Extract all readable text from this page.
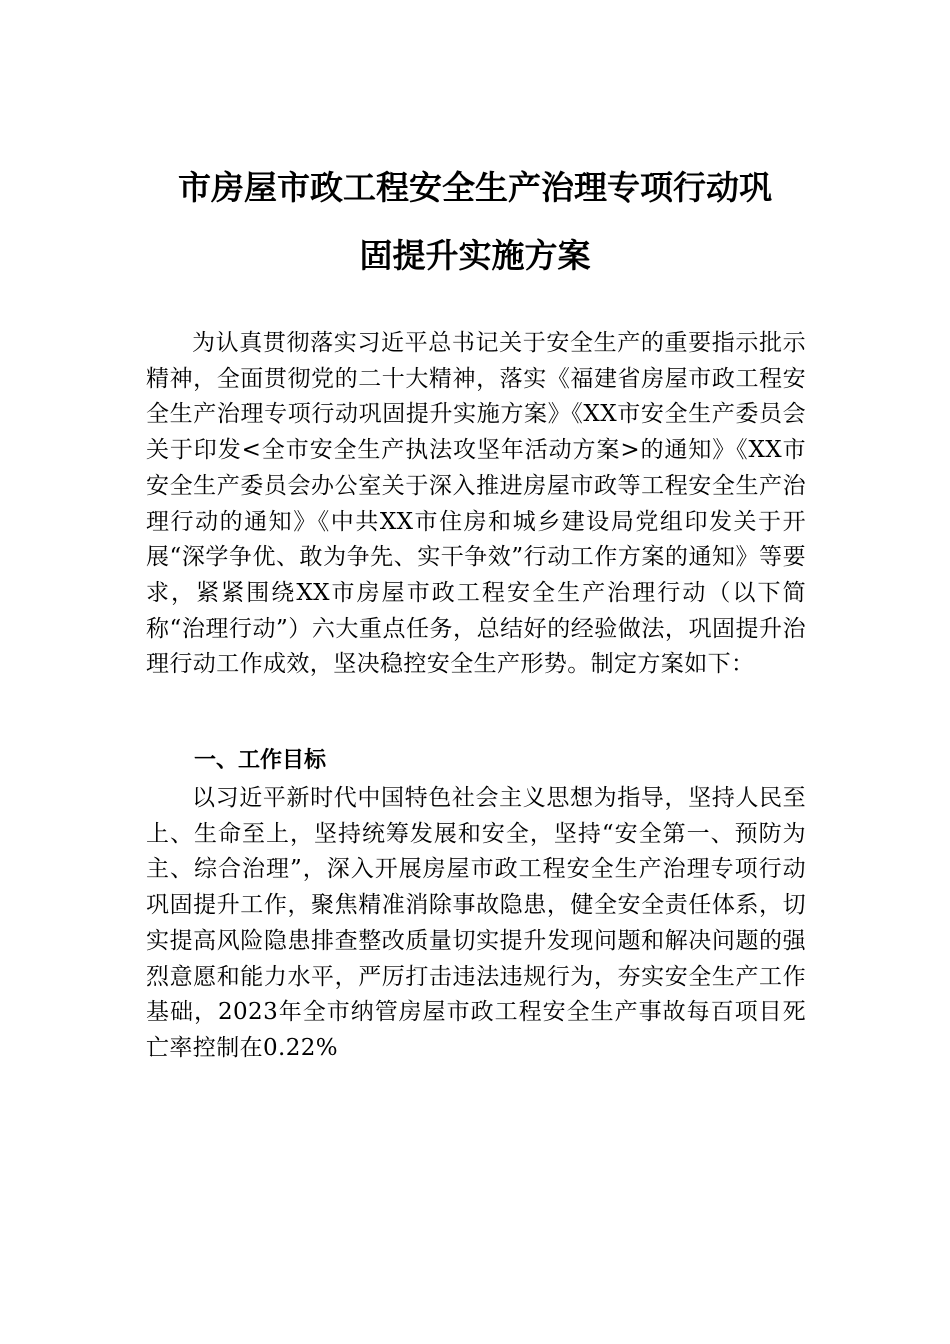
市房屋市政工程安全生产治理专项行动巩
固提升实施方案

为认真贯彻落实习近平总书记关于安全生产的重要指示批示精神，全面贯彻党的二十大精神，落实《福建省房屋市政工程安全生产治理专项行动巩固提升实施方案》《XX市安全生产委员会关于印发<全市安全生产执法攻坚年活动方案>的通知》《XX市安全生产委员会办公室关于深入推进房屋市政等工程安全生产治理行动的通知》《中共XX市住房和城乡建设局党组印发关于开展“深学争优、敢为争先、实干争效”行动工作方案的通知》等要求，紧紧围绕XX市房屋市政工程安全生产治理行动（以下简称“治理行动”）六大重点任务，总结好的经验做法，巩固提升治理行动工作成效，坚决稳控安全生产形势。制定方案如下：

一、工作目标

以习近平新时代中国特色社会主义思想为指导，坚持人民至上、生命至上，坚持统筹发展和安全，坚持“安全第一、预防为主、综合治理”，深入开展房屋市政工程安全生产治理专项行动巩固提升工作，聚焦精准消除事故隐患，健全安全责任体系，切实提高风险隐患排查整改质量切实提升发现问题和解决问题的强烈意愿和能力水平，严厉打击违法违规行为，夯实安全生产工作基础，2023年全市纳管房屋市政工程安全生产事故每百项目死亡率控制在0.22%
